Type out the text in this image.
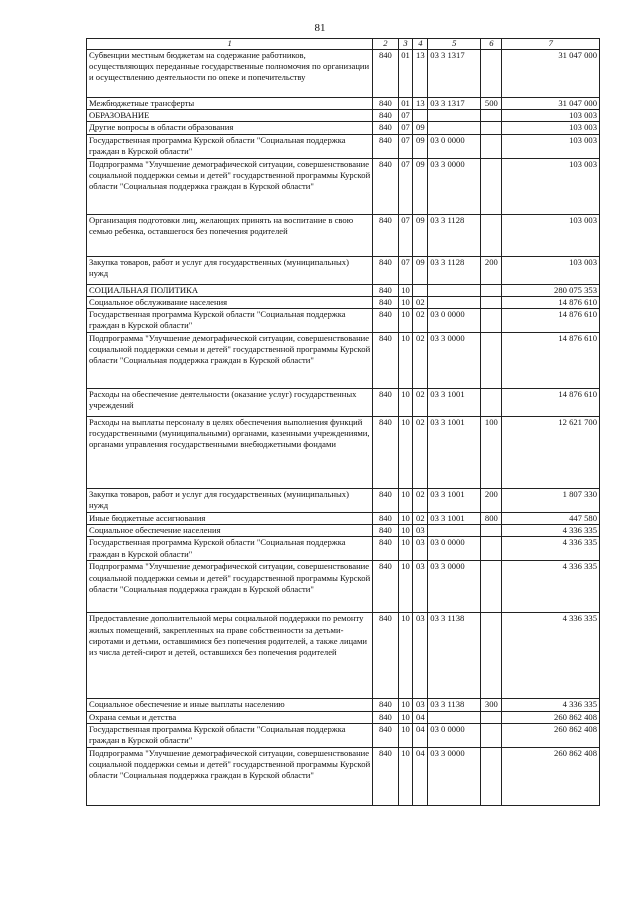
81
1	2	3	4	5	6	7
Субвенции местным бюджетам на содержание работников, осуществляющих переданные государственные полномочия по организации и осуществлению деятельности по опеке и попечительству	840	01	13	03 3 1317		31 047 000
Межбюджетные трансферты	840	01	13	03 3 1317	500	31 047 000
ОБРАЗОВАНИЕ	840	07				103 003
Другие вопросы в области образования	840	07	09			103 003
Государственная программа Курской области "Социальная поддержка граждан в Курской области"	840	07	09	03 0 0000		103 003
Подпрограмма "Улучшение демографической ситуации, совершенствование социальной поддержки семьи и детей" государственной программы Курской области "Социальная поддержка граждан в Курской области"	840	07	09	03 3 0000		103 003
Организация подготовки лиц, желающих принять на воспитание в свою семью ребенка, оставшегося без попечения родителей	840	07	09	03 3 1128		103 003
Закупка товаров, работ и услуг для государственных (муниципальных) нужд	840	07	09	03 3 1128	200	103 003
СОЦИАЛЬНАЯ ПОЛИТИКА	840	10				280 075 353
Социальное обслуживание населения	840	10	02			14 876 610
Государственная программа Курской области "Социальная поддержка граждан в Курской области"	840	10	02	03 0 0000		14 876 610
Подпрограмма "Улучшение демографической ситуации, совершенствование социальной поддержки семьи и детей" государственной программы Курской области "Социальная поддержка граждан в Курской области"	840	10	02	03 3 0000		14 876 610
Расходы на обеспечение деятельности (оказание услуг) государственных учреждений	840	10	02	03 3 1001		14 876 610
Расходы на выплаты персоналу в целях обеспечения выполнения функций государственными (муниципальными) органами, казенными учреждениями, органами управления государственными внебюджетными фондами	840	10	02	03 3 1001	100	12 621 700
Закупка товаров, работ и услуг для государственных (муниципальных) нужд	840	10	02	03 3 1001	200	1 807 330
Иные бюджетные ассигнования	840	10	02	03 3 1001	800	447 580
Социальное обеспечение населения	840	10	03			4 336 335
Государственная программа Курской области "Социальная поддержка граждан в Курской области"	840	10	03	03 0 0000		4 336 335
Подпрограмма "Улучшение демографической ситуации, совершенствование социальной поддержки семьи и детей" государственной программы Курской области "Социальная поддержка граждан в Курской области"	840	10	03	03 3 0000		4 336 335
Предоставление дополнительной меры социальной поддержки по ремонту жилых помещений, закрепленных на праве собственности за детьми-сиротами и детьми, оставшимися без попечения родителей, а также лицами из числа детей-сирот и детей, оставшихся без попечения родителей	840	10	03	03 3 1138		4 336 335
Социальное обеспечение и иные выплаты населению	840	10	03	03 3 1138	300	4 336 335
Охрана семьи и детства	840	10	04			260 862 408
Государственная программа Курской области "Социальная поддержка граждан в Курской области"	840	10	04	03 0 0000		260 862 408
Подпрограмма "Улучшение демографической ситуации, совершенствование социальной поддержки семьи и детей" государственной программы Курской области "Социальная поддержка граждан в Курской области"	840	10	04	03 3 0000		260 862 408
